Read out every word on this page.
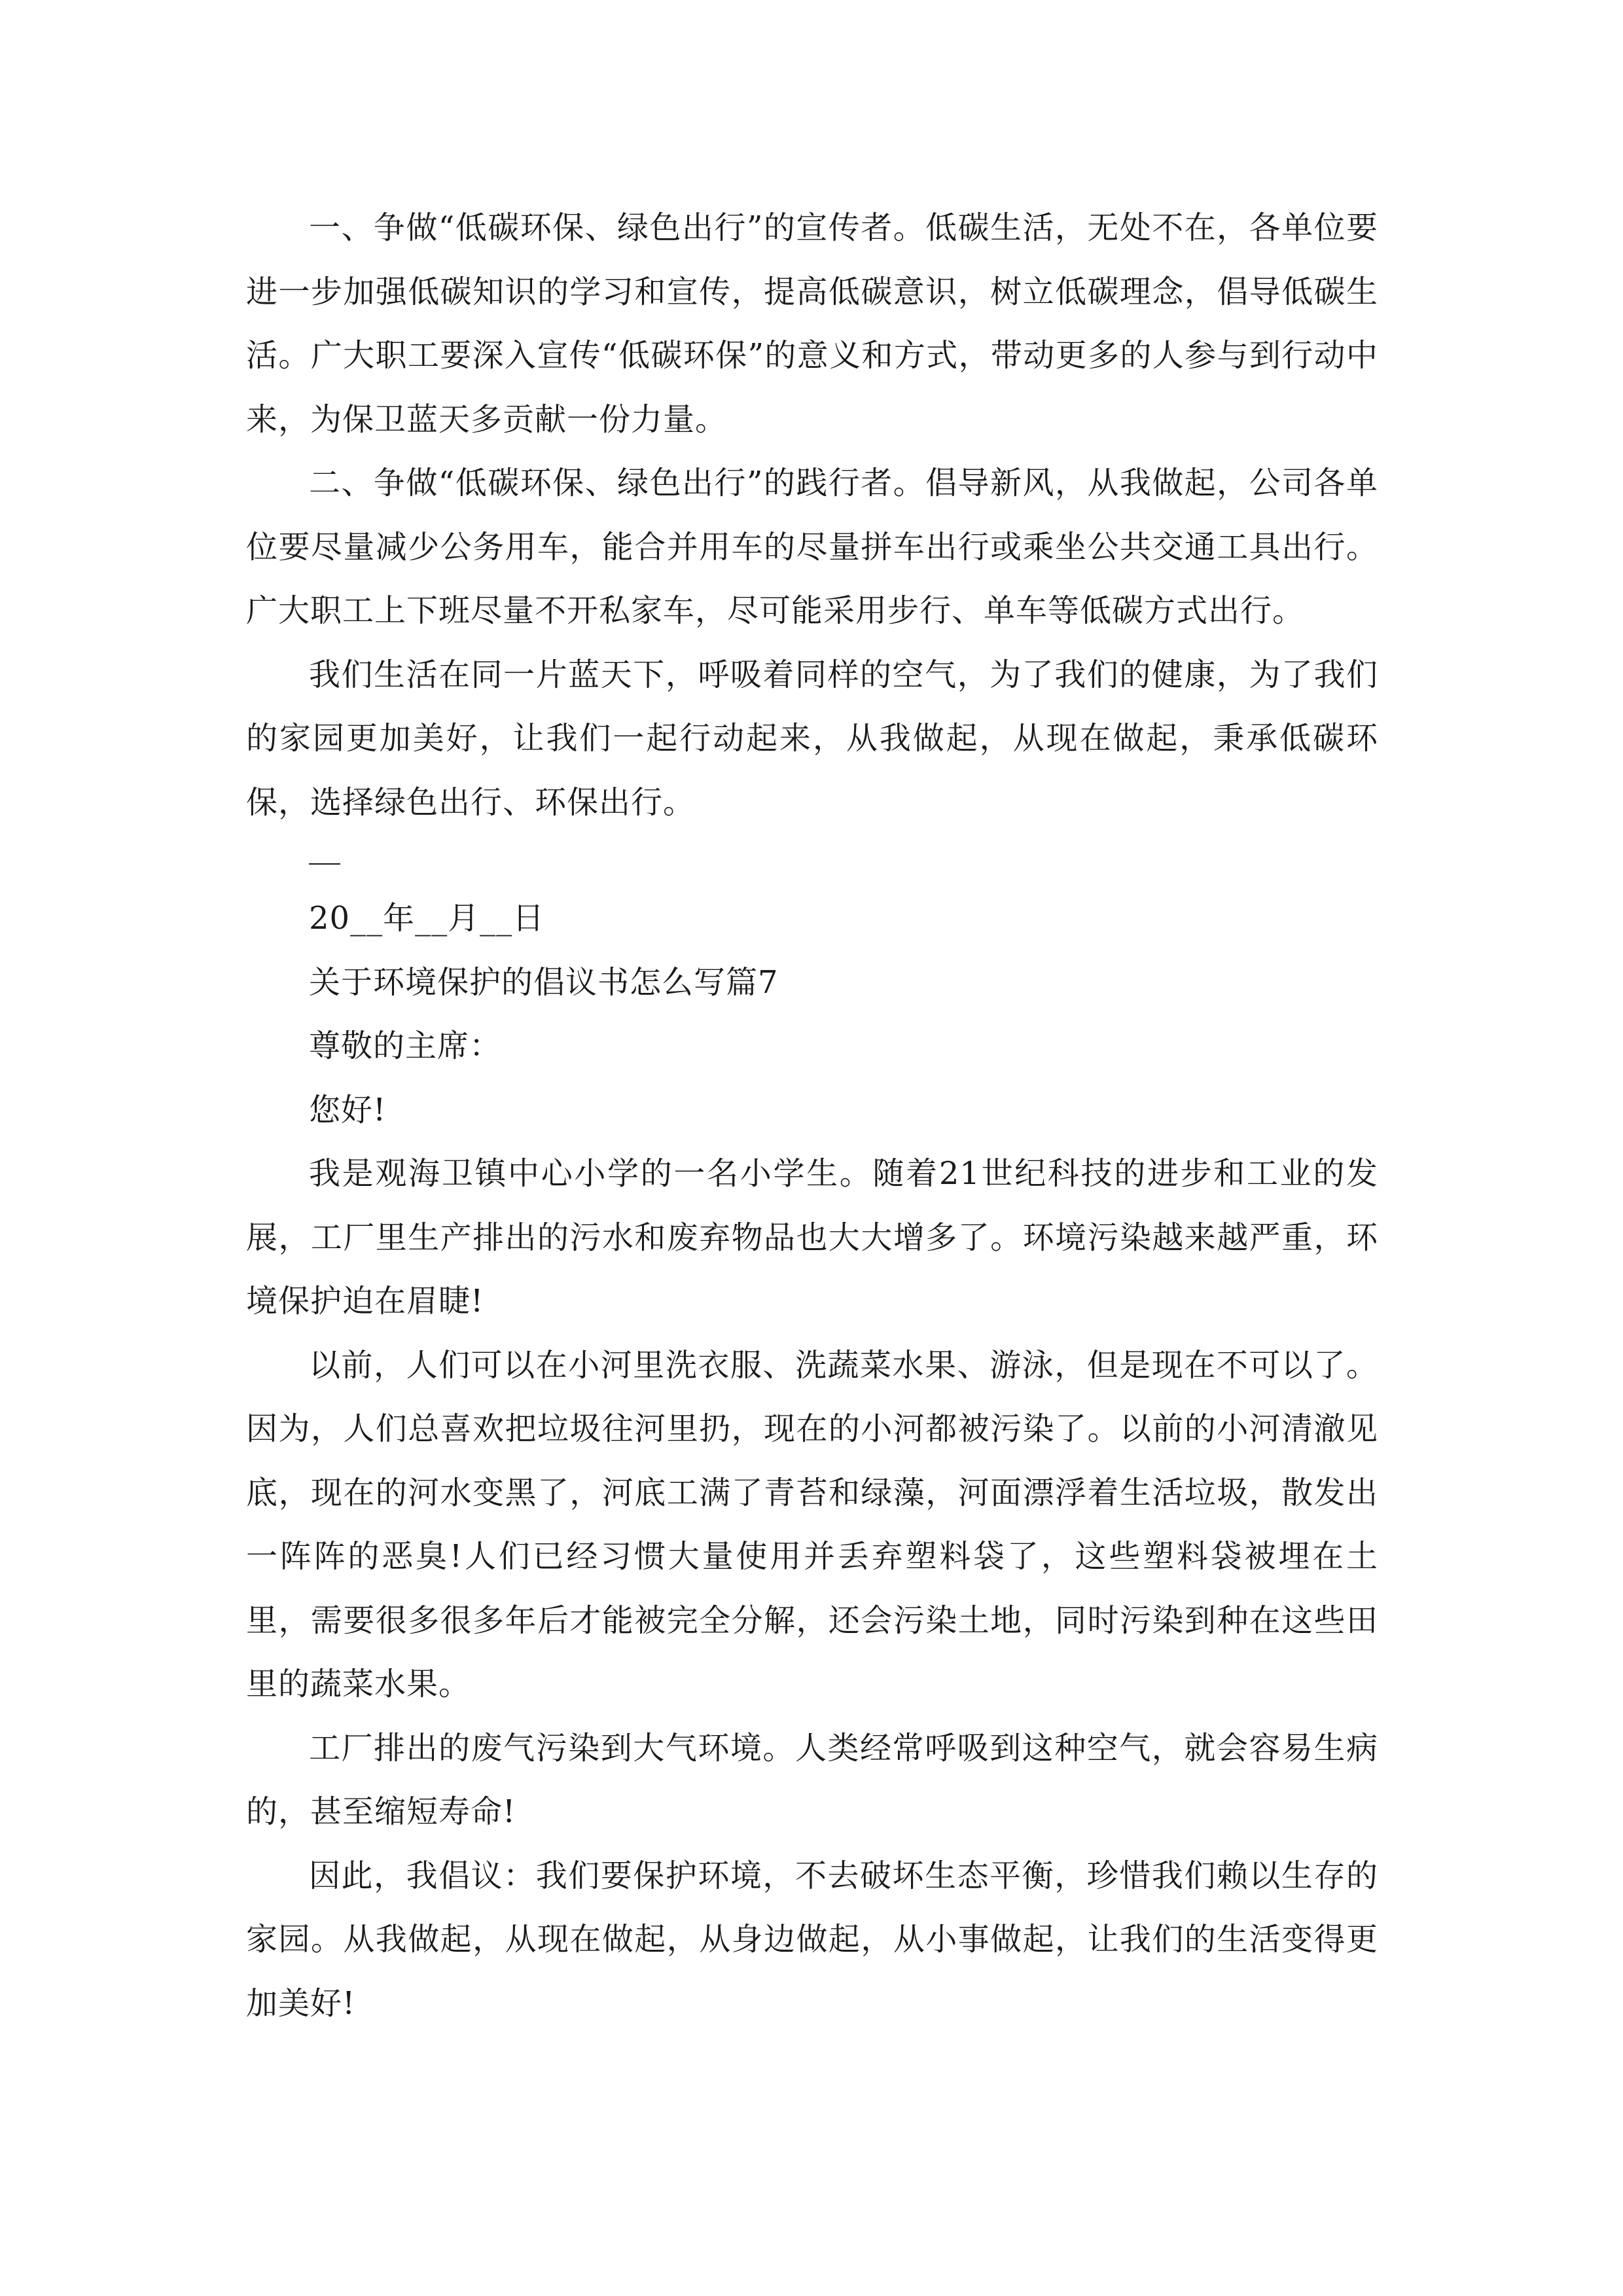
一、争做“低碳环保、绿色出行”的宣传者。低碳生活，无处不在，各单位要进一步加强低碳知识的学习和宣传，提高低碳意识，树立低碳理念，倡导低碳生活。广大职工要深入宣传“低碳环保”的意义和方式，带动更多的人参与到行动中来，为保卫蓝天多贡献一份力量。

二、争做“低碳环保、绿色出行”的践行者。倡导新风，从我做起，公司各单位要尽量减少公务用车，能合并用车的尽量拼车出行或乘坐公共交通工具出行。广大职工上下班尽量不开私家车，尽可能采用步行、单车等低碳方式出行。

我们生活在同一片蓝天下，呼吸着同样的空气，为了我们的健康，为了我们的家园更加美好，让我们一起行动起来，从我做起，从现在做起，秉承低碳环保，选择绿色出行、环保出行。

20__年__月__日

关于环境保护的倡议书怎么写篇7

尊敬的主席：

您好!

我是观海卫镇中心小学的一名小学生。随着21世纪科技的进步和工业的发展，工厂里生产排出的污水和废弃物品也大大增多了。环境污染越来越严重，环境保护迫在眉睫!

以前，人们可以在小河里洗衣服、洗蔬菜水果、游泳，但是现在不可以了。因为，人们总喜欢把垃圾往河里扔，现在的小河都被污染了。以前的小河清澈见底，现在的河水变黑了，河底工满了青苔和绿藻，河面漂浮着生活垃圾，散发出一阵阵的恶臭!人们已经习惯大量使用并丢弃塑料袋了，这些塑料袋被埋在土里，需要很多很多年后才能被完全分解，还会污染土地，同时污染到种在这些田里的蔬菜水果。

工厂排出的废气污染到大气环境。人类经常呼吸到这种空气，就会容易生病的，甚至缩短寿命!

因此，我倡议：我们要保护环境，不去破坏生态平衡，珍惜我们赖以生存的家园。从我做起，从现在做起，从身边做起，从小事做起，让我们的生活变得更加美好!
